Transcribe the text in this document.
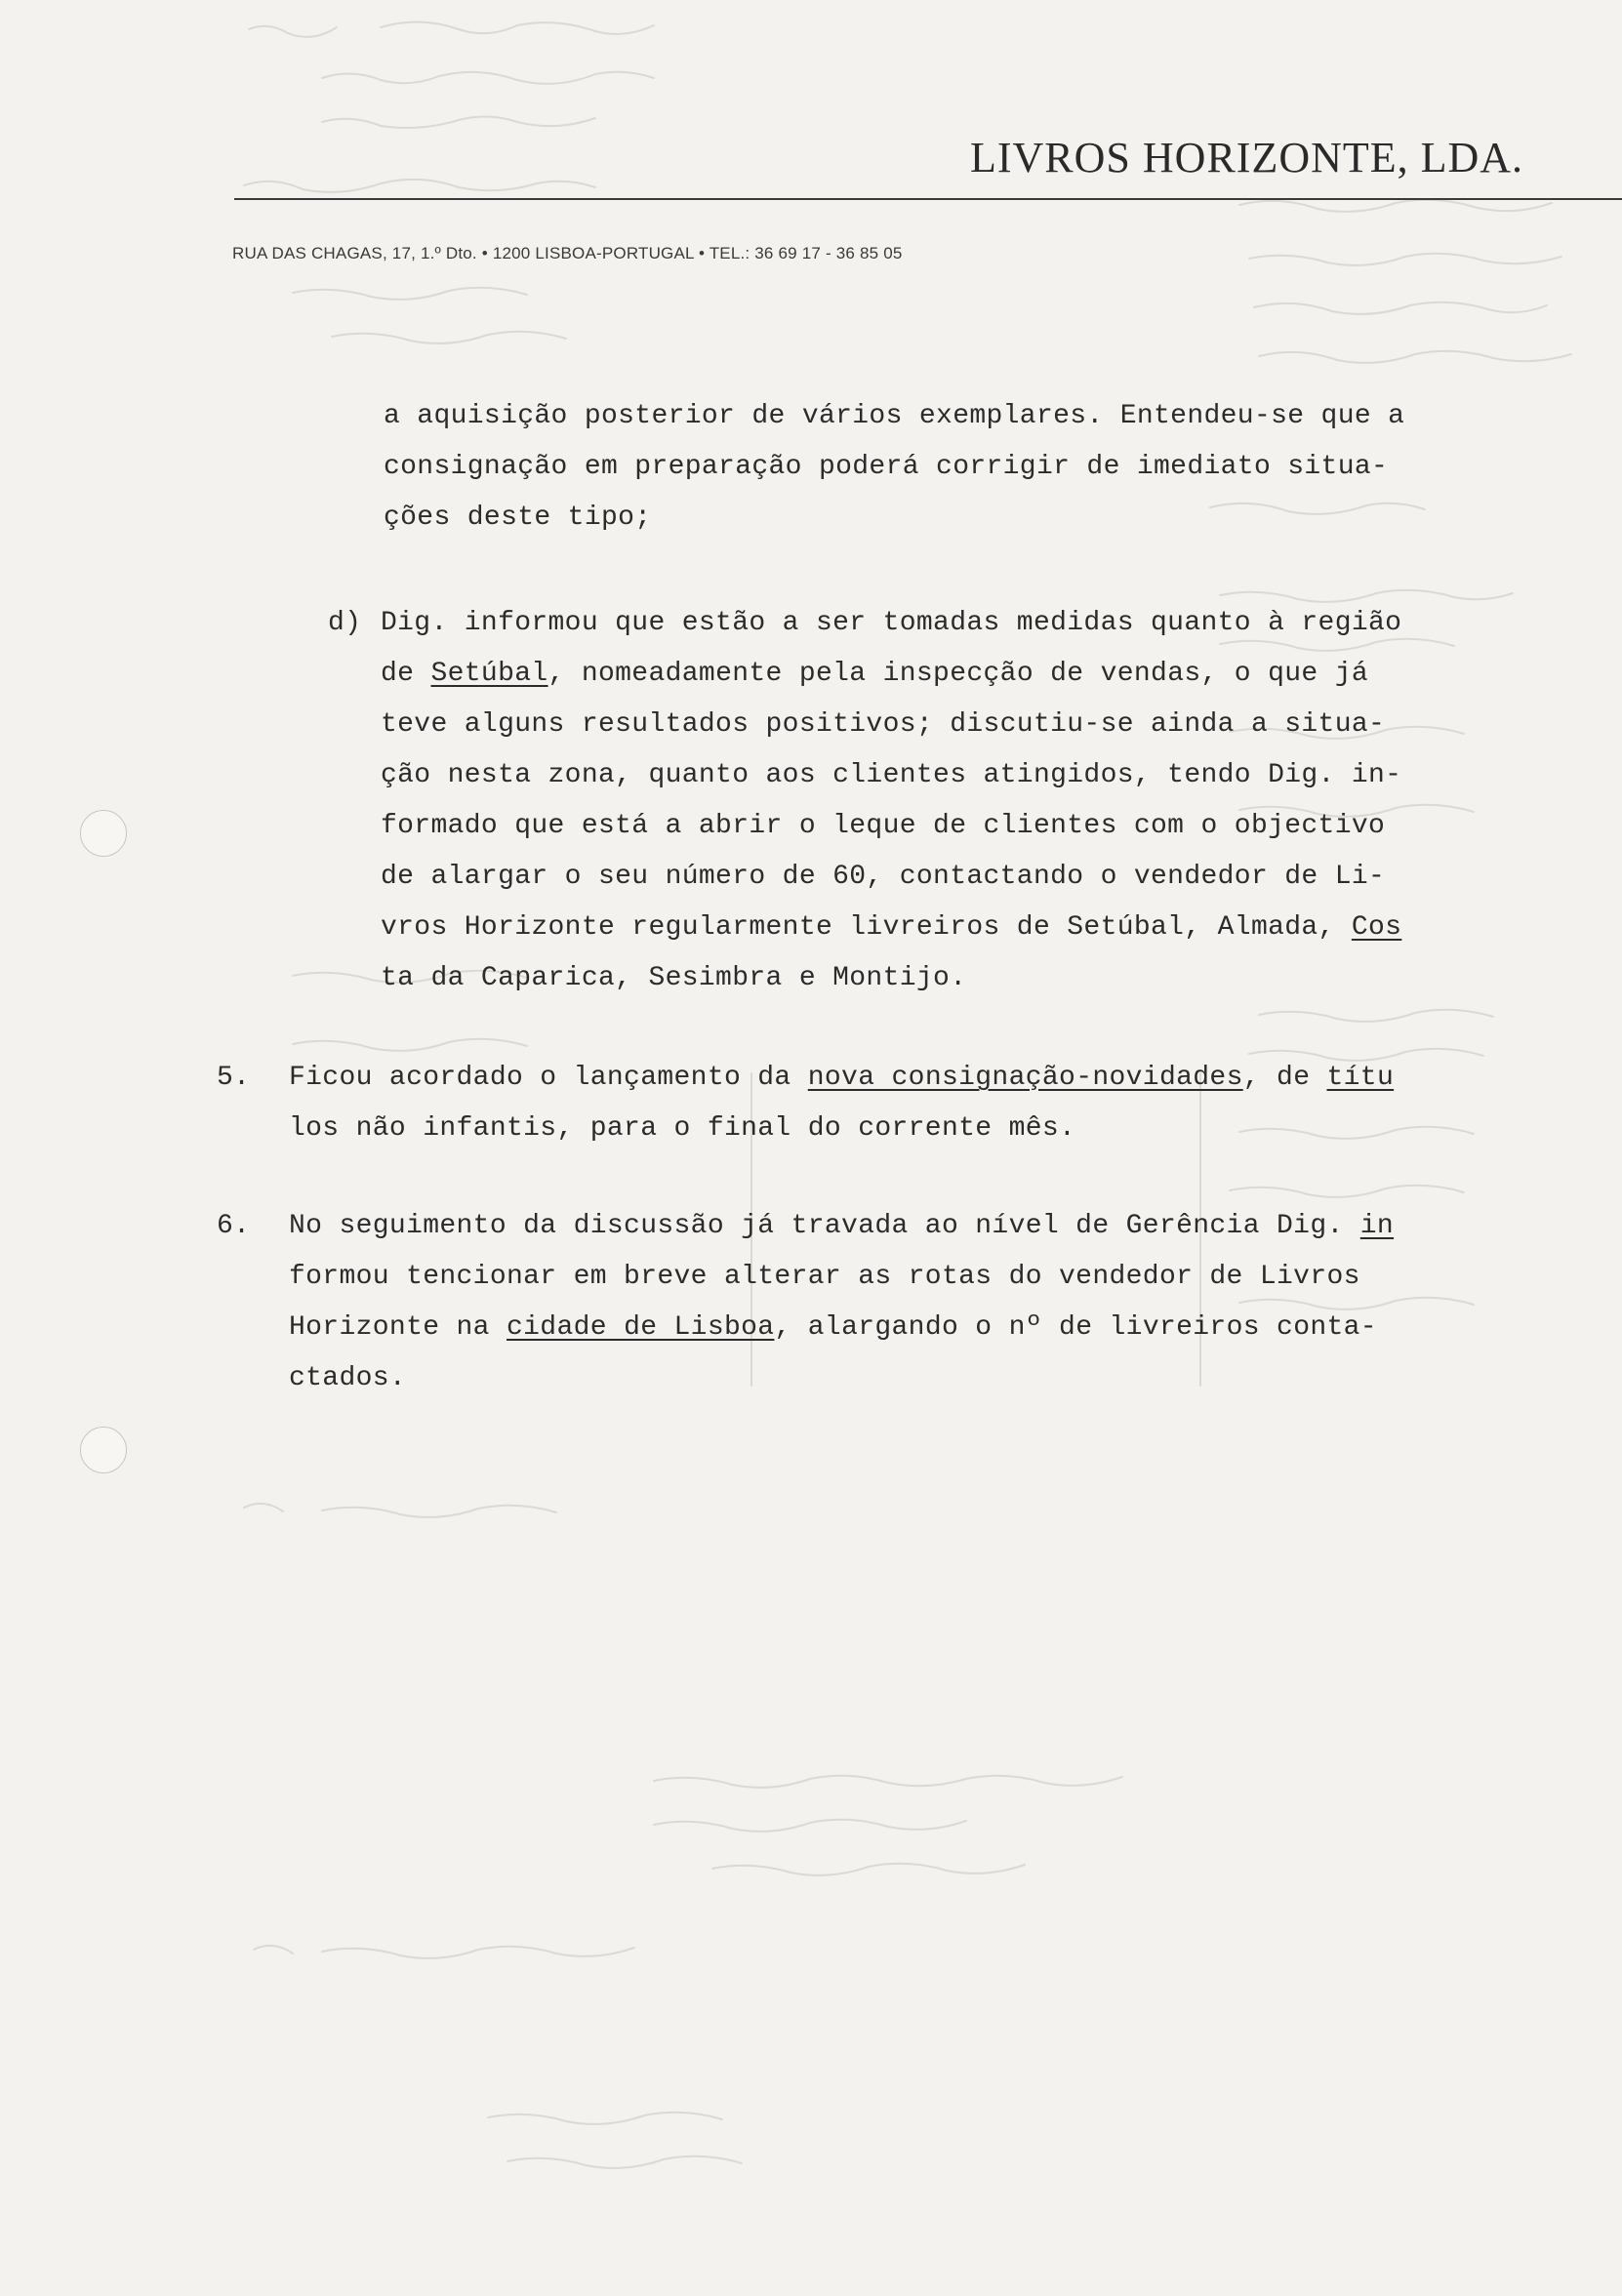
LIVROS HORIZONTE, LDA.
RUA DAS CHAGAS, 17, 1.º Dto. • 1200 LISBOA-PORTUGAL • TEL.: 36 69 17 - 36 85 05
a aquisição posterior de vários exemplares. Entendeu-se que a
consignação em preparação poderá corrigir de imediato situa-
ções deste tipo;
d) Dig. informou que estão a ser tomadas medidas quanto à região
de Setúbal, nomeadamente pela inspecção de vendas, o que já
teve alguns resultados positivos; discutiu-se ainda a situa-
ção nesta zona, quanto aos clientes atingidos, tendo Dig. in-
formado que está a abrir o leque de clientes com o objectivo
de alargar o seu número de 60, contactando o vendedor de Li-
vros Horizonte regularmente livreiros de Setúbal, Almada, Cos
ta da Caparica, Sesimbra e Montijo.
5. Ficou acordado o lançamento da nova consignação-novidades, de títu
los não infantis, para o final do corrente mês.
6. No seguimento da discussão já travada ao nível de Gerência Dig. in
formou tencionar em breve alterar as rotas do vendedor de Livros
Horizonte na cidade de Lisboa, alargando o nº de livreiros conta-
ctados.
